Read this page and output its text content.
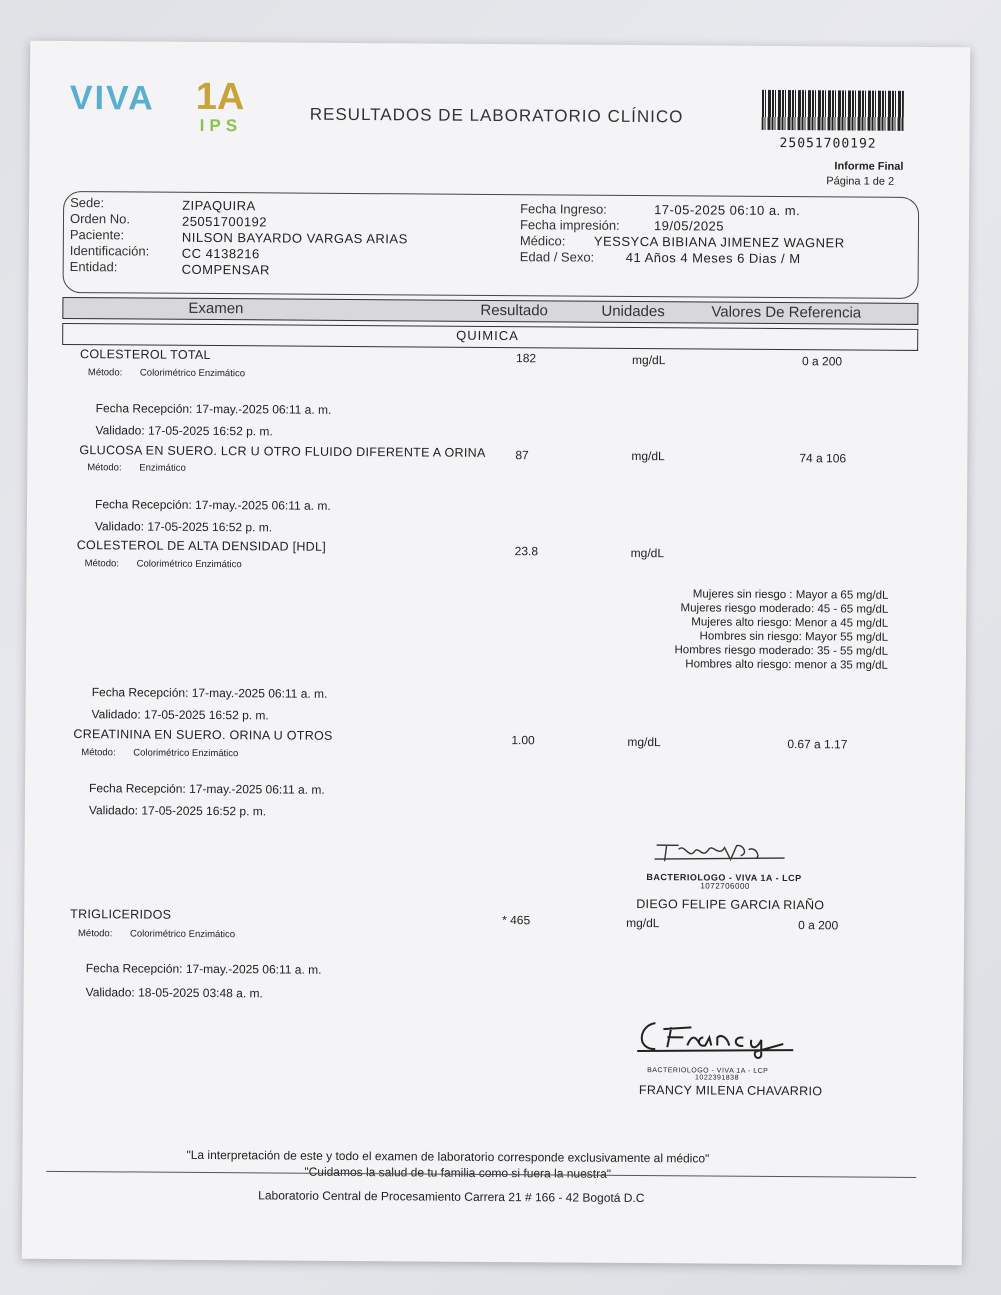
VIVA 1A
IPS	RESULTADOS DE LABORATORIO CLÍNICO
25051700192
Informe Final
Página 1 de 2
Sede:	ZIPAQUIRA
Orden No.	25051700192
Paciente:	NILSON BAYARDO VARGAS ARIAS
Identificación: CC 4138216
Entidad:	COMPENSAR
Fecha Ingreso:	17-05-2025 06:10 a. m.
Fecha impresión:	19/05/2025
Médico: YESSYCA BIBIANA JIMENEZ WAGNER
Edad / Sexo: 41 Años 4 Meses 6 Dias / M
Examen	Resultado	Unidades	Valores De Referencia
QUIMICA
COLESTEROL TOTAL
Método: Colorimétrico Enzimático
182	mg/dL	0 a 200
Fecha Recepción: 17-may.-2025 06:11 a. m.
Validado: 17-05-2025 16:52 p. m.
GLUCOSA EN SUERO. LCR U OTRO FLUIDO DIFERENTE A ORINA
Método: Enzimático
87	mg/dL	74 a 106
Fecha Recepción: 17-may.-2025 06:11 a. m.
Validado: 17-05-2025 16:52 p. m.
COLESTEROL DE ALTA DENSIDAD [HDL]
Método: Colorimétrico Enzimático
23.8	mg/dL
Mujeres sin riesgo : Mayor a 65 mg/dL
Mujeres riesgo moderado: 45 - 65 mg/dL
Mujeres alto riesgo: Menor a 45 mg/dL
Hombres sin riesgo: Mayor 55 mg/dL
Hombres riesgo moderado: 35 - 55 mg/dL
Hombres alto riesgo: menor a 35 mg/dL
Fecha Recepción: 17-may.-2025 06:11 a. m.
Validado: 17-05-2025 16:52 p. m.
CREATININA EN SUERO. ORINA U OTROS
Método: Colorimétrico Enzimático
1.00	mg/dL	0.67 a 1.17
Fecha Recepción: 17-may.-2025 06:11 a. m.
Validado: 17-05-2025 16:52 p. m.
BACTERIOLOGO - VIVA 1A - LCP
1072706000
DIEGO FELIPE GARCIA RIAÑO
TRIGLICERIDOS
Método: Colorimétrico Enzimático
* 465	mg/dL	0 a 200
Fecha Recepción: 17-may.-2025 06:11 a. m.
Validado: 18-05-2025 03:48 a. m.
BACTERIOLOGO - VIVA 1A - LCP
1022391838
FRANCY MILENA CHAVARRIO
"La interpretación de este y todo el examen de laboratorio corresponde exclusivamente al médico"
"Cuidamos la salud de tu familia como si fuera la nuestra"
Laboratorio Central de Procesamiento Carrera 21 # 166 - 42 Bogotá D.C
